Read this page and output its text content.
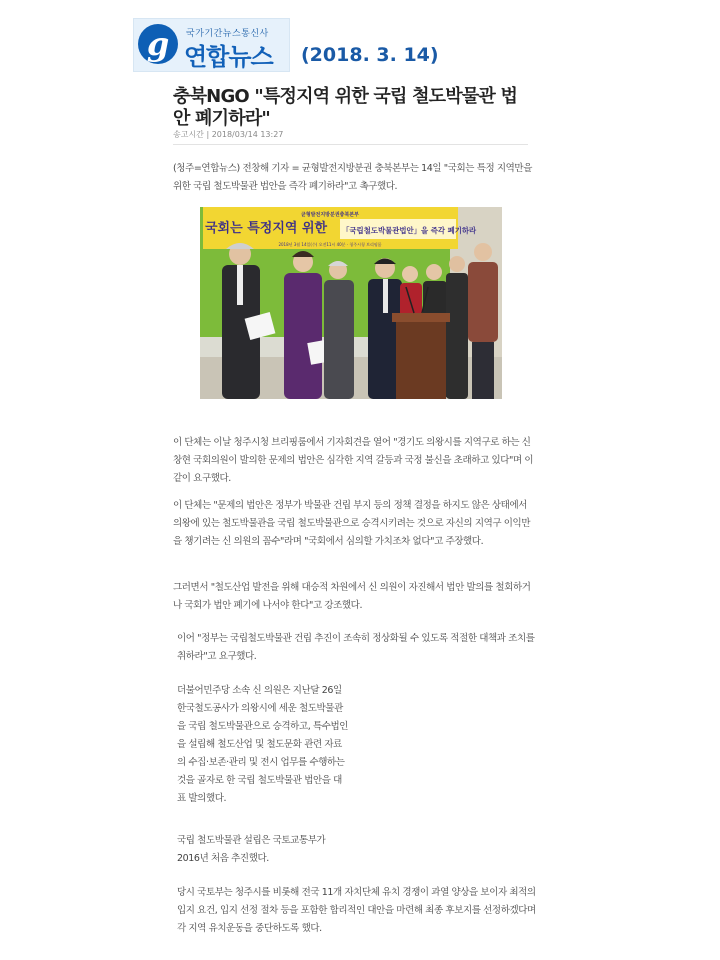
g	국가기간뉴스통신사
연합뉴스 (2018. 3. 14)
충북NGO "특정지역 위한 국립 철도박물관 법안 폐기하라"
송고시간 | 2018/03/14 13:27

(청주=연합뉴스) 전창해 기자 = 균형발전지방분권 충북본부는 14일 "국회는 특정 지역만을 위한 국립 철도박물관 법안을 즉각 폐기하라"고 촉구했다.

균형발전지방분권충북본부
국회는 특정지역 위한 「국립철도박물관법안」을 즉각 폐기하라
2018년 3월 14일(수) 오전11시 40분 · 청주시청 브리핑룸

이 단체는 이날 청주시청 브리핑룸에서 기자회견을 열어 "경기도 의왕시를 지역구로 하는 신창현 국회의원이 발의한 문제의 법안은 심각한 지역 갈등과 국정 불신을 초래하고 있다"며 이같이 요구했다.

이 단체는 "문제의 법안은 정부가 박물관 건립 부지 등의 정책 결정을 하지도 않은 상태에서 의왕에 있는 철도박물관을 국립 철도박물관으로 승격시키려는 것으로 자신의 지역구 이익만을 챙기려는 신 의원의 꼼수"라며 "국회에서 심의할 가치조차 없다"고 주장했다.

그러면서 "철도산업 발전을 위해 대승적 차원에서 신 의원이 자진해서 법안 발의를 철회하거나 국회가 법안 폐기에 나서야 한다"고 강조했다.

이어 "정부는 국립철도박물관 건립 추진이 조속히 정상화될 수 있도록 적절한 대책과 조치를 취하라"고 요구했다.

더불어민주당 소속 신 의원은 지난달 26일 한국철도공사가 의왕시에 세운 철도박물관을 국립 철도박물관으로 승격하고, 특수법인을 설립해 철도산업 및 철도문화 관련 자료의 수집·보존·관리 및 전시 업무를 수행하는 것을 골자로 한 국립 철도박물관 법안을 대표 발의했다.

국립 철도박물관 설립은 국토교통부가 2016년 처음 추진했다.

당시 국토부는 청주시를 비롯해 전국 11개 자치단체 유치 경쟁이 과열 양상을 보이자 최적의 입지 요건, 입지 선정 절차 등을 포함한 합리적인 대안을 마련해 최종 후보지를 선정하겠다며 각 지역 유치운동을 중단하도록 했다.
